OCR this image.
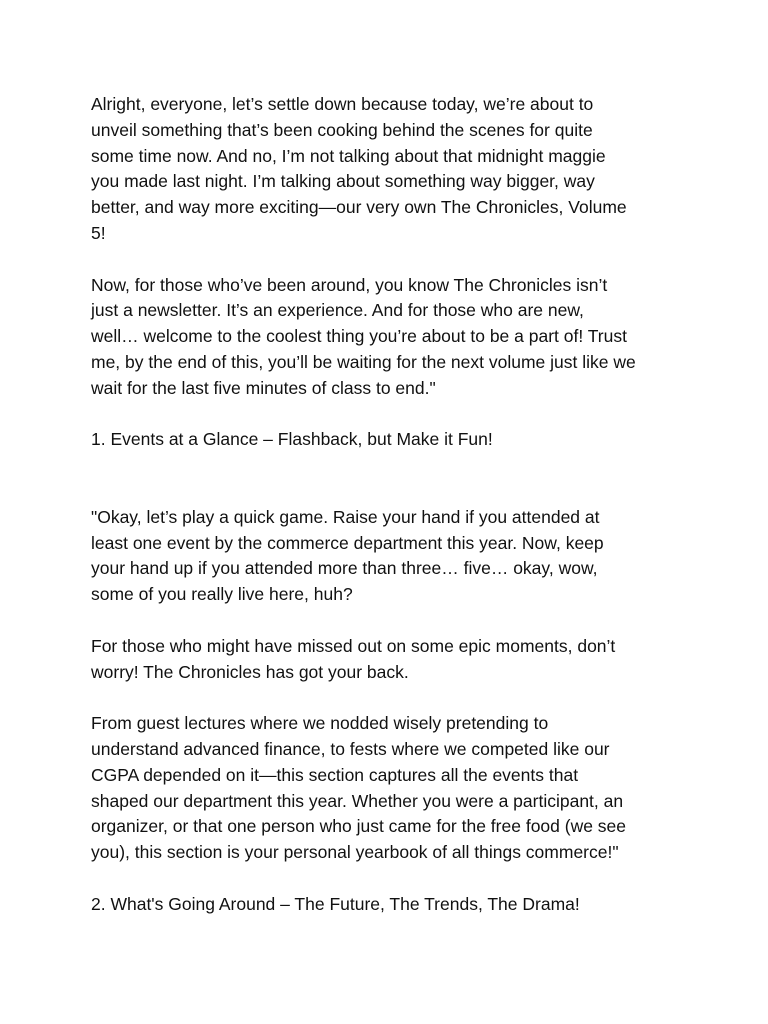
Alright, everyone, let’s settle down because today, we’re about to

unveil something that’s been cooking behind the scenes for quite

some time now. And no, I’m not talking about that midnight maggie

you made last night. I’m talking about something way bigger, way

better, and way more exciting—our very own The Chronicles, Volume

5!

Now, for those who’ve been around, you know The Chronicles isn’t

just a newsletter. It’s an experience. And for those who are new,

well… welcome to the coolest thing you’re about to be a part of! Trust

me, by the end of this, you’ll be waiting for the next volume just like we

wait for the last five minutes of class to end."

1. Events at a Glance – Flashback, but Make it Fun!

"Okay, let’s play a quick game. Raise your hand if you attended at

least one event by the commerce department this year. Now, keep

your hand up if you attended more than three… five… okay, wow,

some of you really live here, huh?

For those who might have missed out on some epic moments, don’t

worry! The Chronicles has got your back.

From guest lectures where we nodded wisely pretending to

understand advanced finance, to fests where we competed like our

CGPA depended on it—this section captures all the events that

shaped our department this year. Whether you were a participant, an

organizer, or that one person who just came for the free food (we see

you), this section is your personal yearbook of all things commerce!"

2. What's Going Around – The Future, The Trends, The Drama!
